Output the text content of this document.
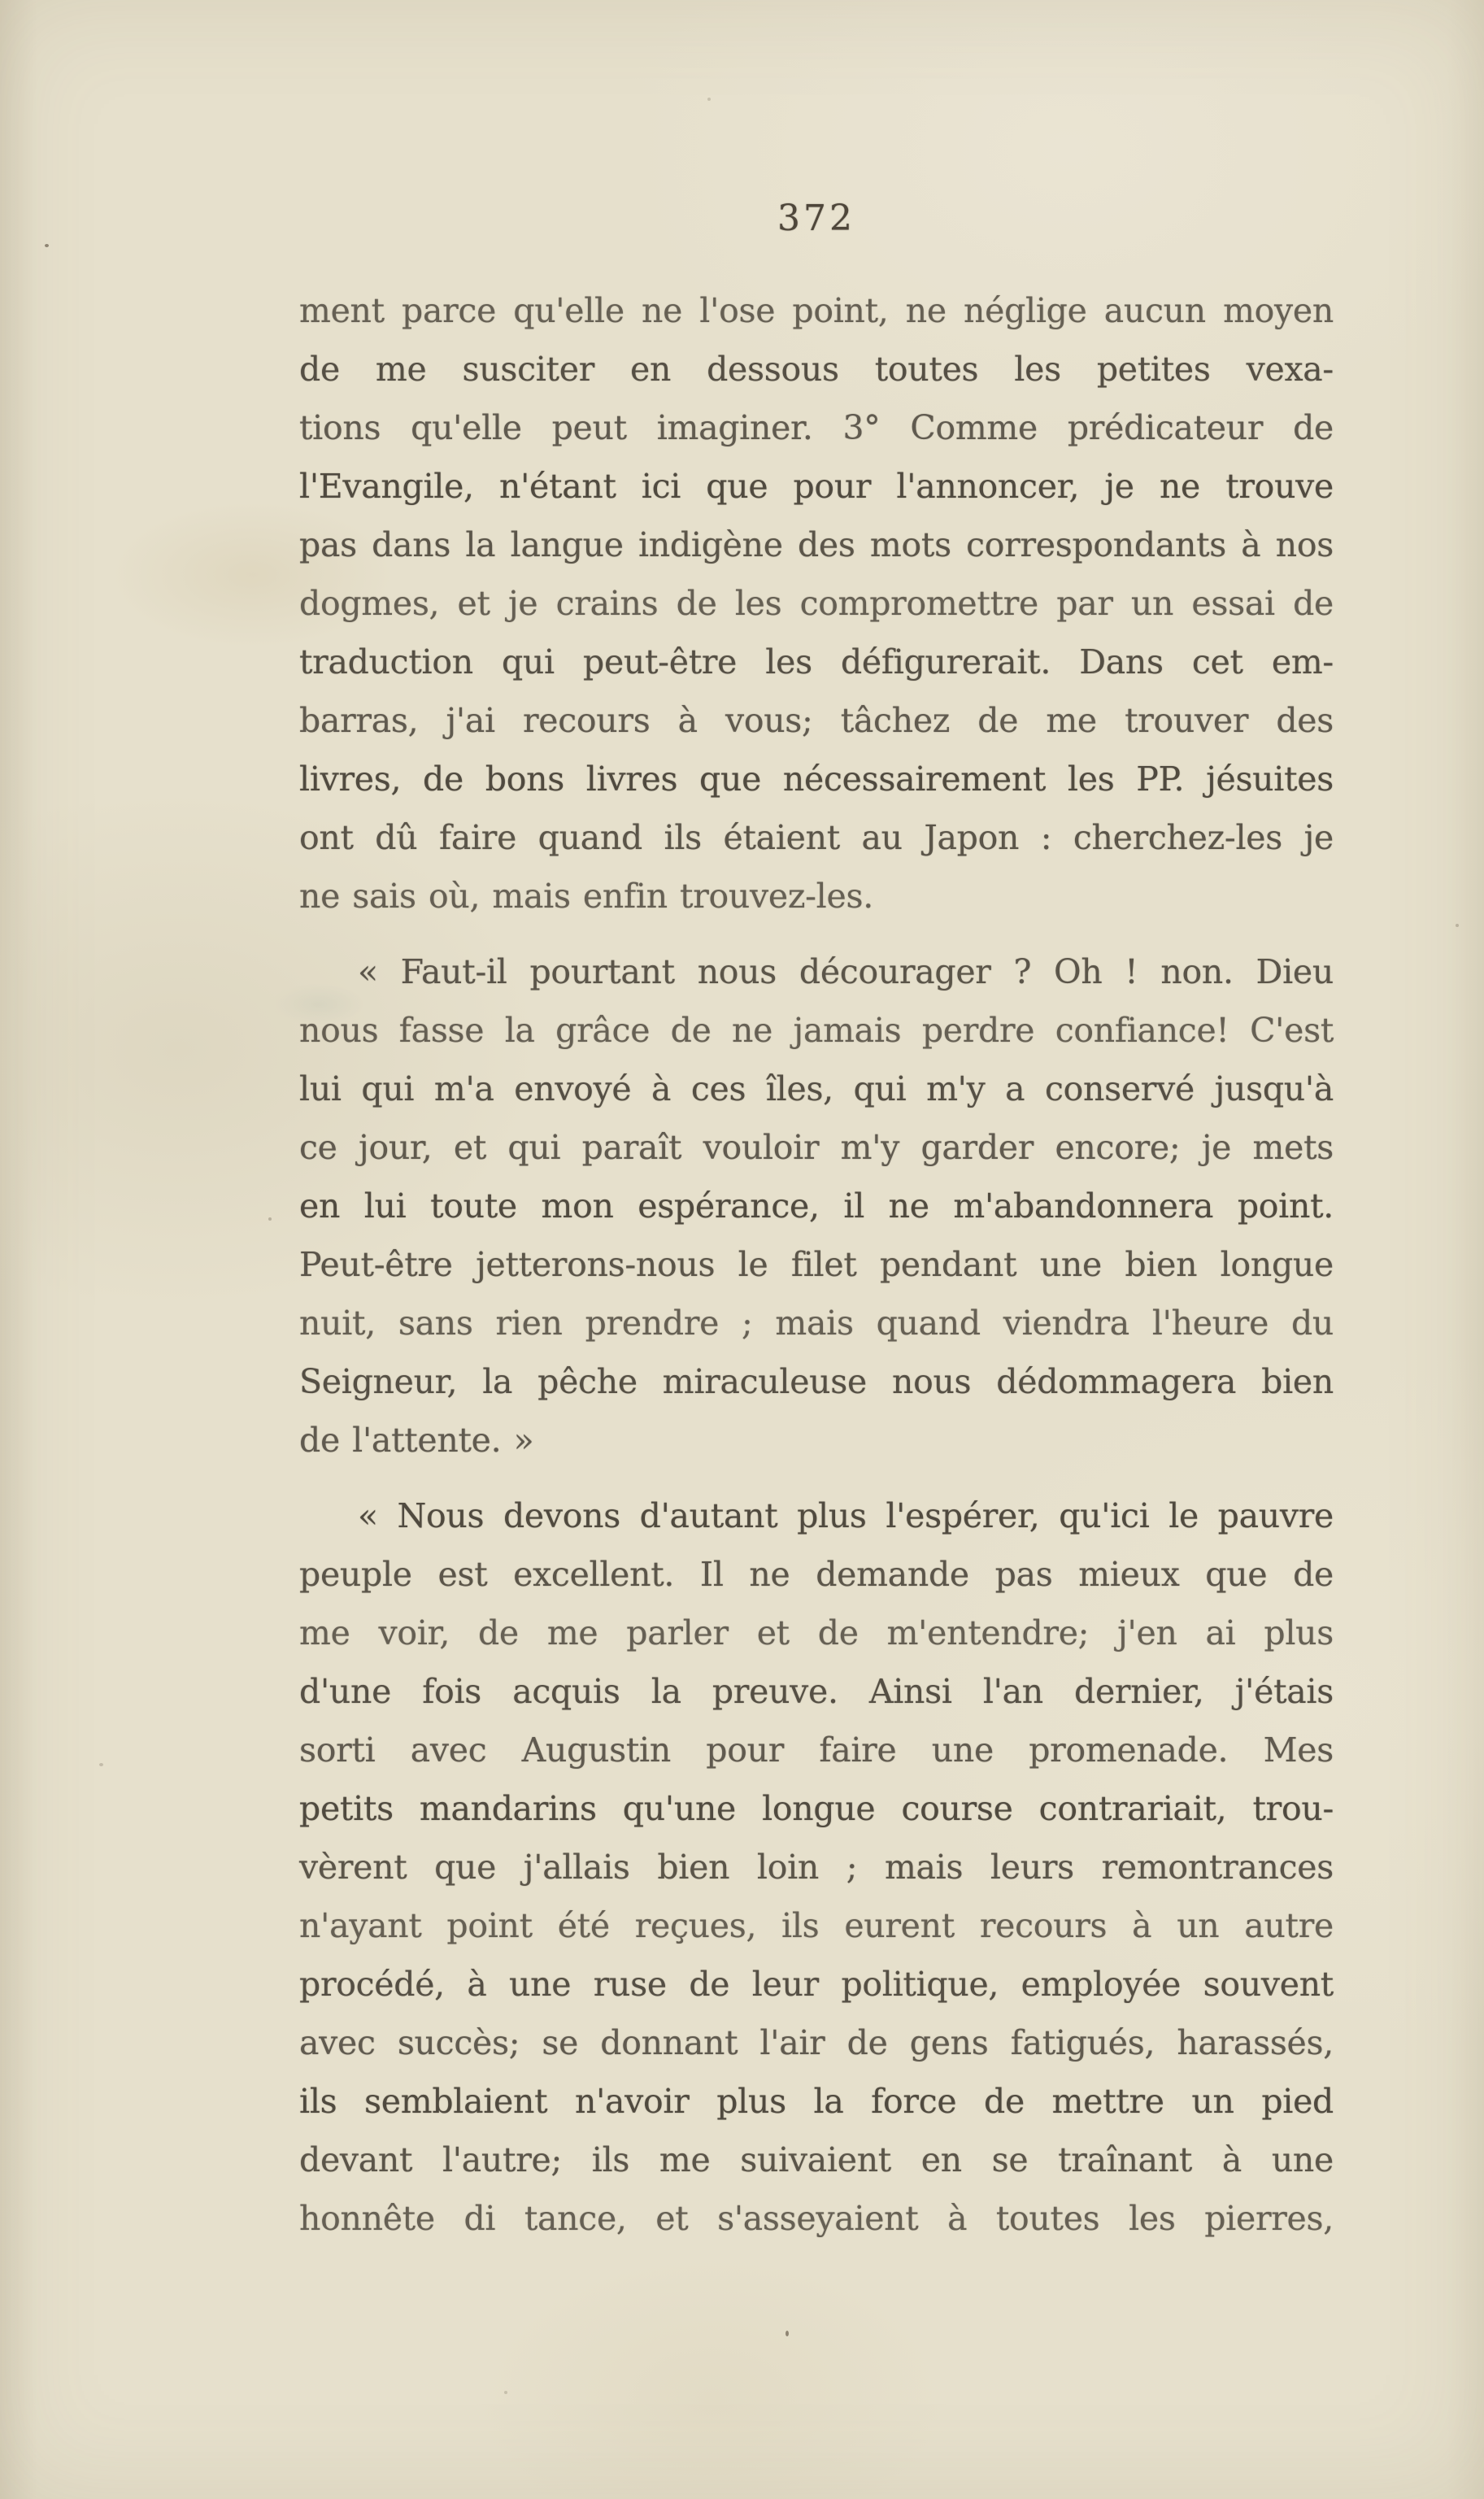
372
ment parce qu'elle ne l'ose point, ne néglige aucun moyen
de me susciter en dessous toutes les petites vexa-
tions qu'elle peut imaginer. 3° Comme prédicateur de
l'Evangile, n'étant ici que pour l'annoncer, je ne trouve
pas dans la langue indigène des mots correspondants à nos
dogmes, et je crains de les compromettre par un essai de
traduction qui peut-être les défigurerait. Dans cet em-
barras, j'ai recours à vous; tâchez de me trouver des
livres, de bons livres que nécessairement les PP. jésuites
ont dû faire quand ils étaient au Japon : cherchez-les je
ne sais où, mais enfin trouvez-les.
« Faut-il pourtant nous décourager ? Oh ! non. Dieu
nous fasse la grâce de ne jamais perdre confiance! C'est
lui qui m'a envoyé à ces îles, qui m'y a conservé jusqu'à
ce jour, et qui paraît vouloir m'y garder encore; je mets
en lui toute mon espérance, il ne m'abandonnera point.
Peut-être jetterons-nous le filet pendant une bien longue
nuit, sans rien prendre ; mais quand viendra l'heure du
Seigneur, la pêche miraculeuse nous dédommagera bien
de l'attente. »
« Nous devons d'autant plus l'espérer, qu'ici le pauvre
peuple est excellent. Il ne demande pas mieux que de
me voir, de me parler et de m'entendre; j'en ai plus
d'une fois acquis la preuve. Ainsi l'an dernier, j'étais
sorti avec Augustin pour faire une promenade. Mes
petits mandarins qu'une longue course contrariait, trou-
vèrent que j'allais bien loin ; mais leurs remontrances
n'ayant point été reçues, ils eurent recours à un autre
procédé, à une ruse de leur politique, employée souvent
avec succès; se donnant l'air de gens fatigués, harassés,
ils semblaient n'avoir plus la force de mettre un pied
devant l'autre; ils me suivaient en se traînant à une
honnête di tance, et s'asseyaient à toutes les pierres,
